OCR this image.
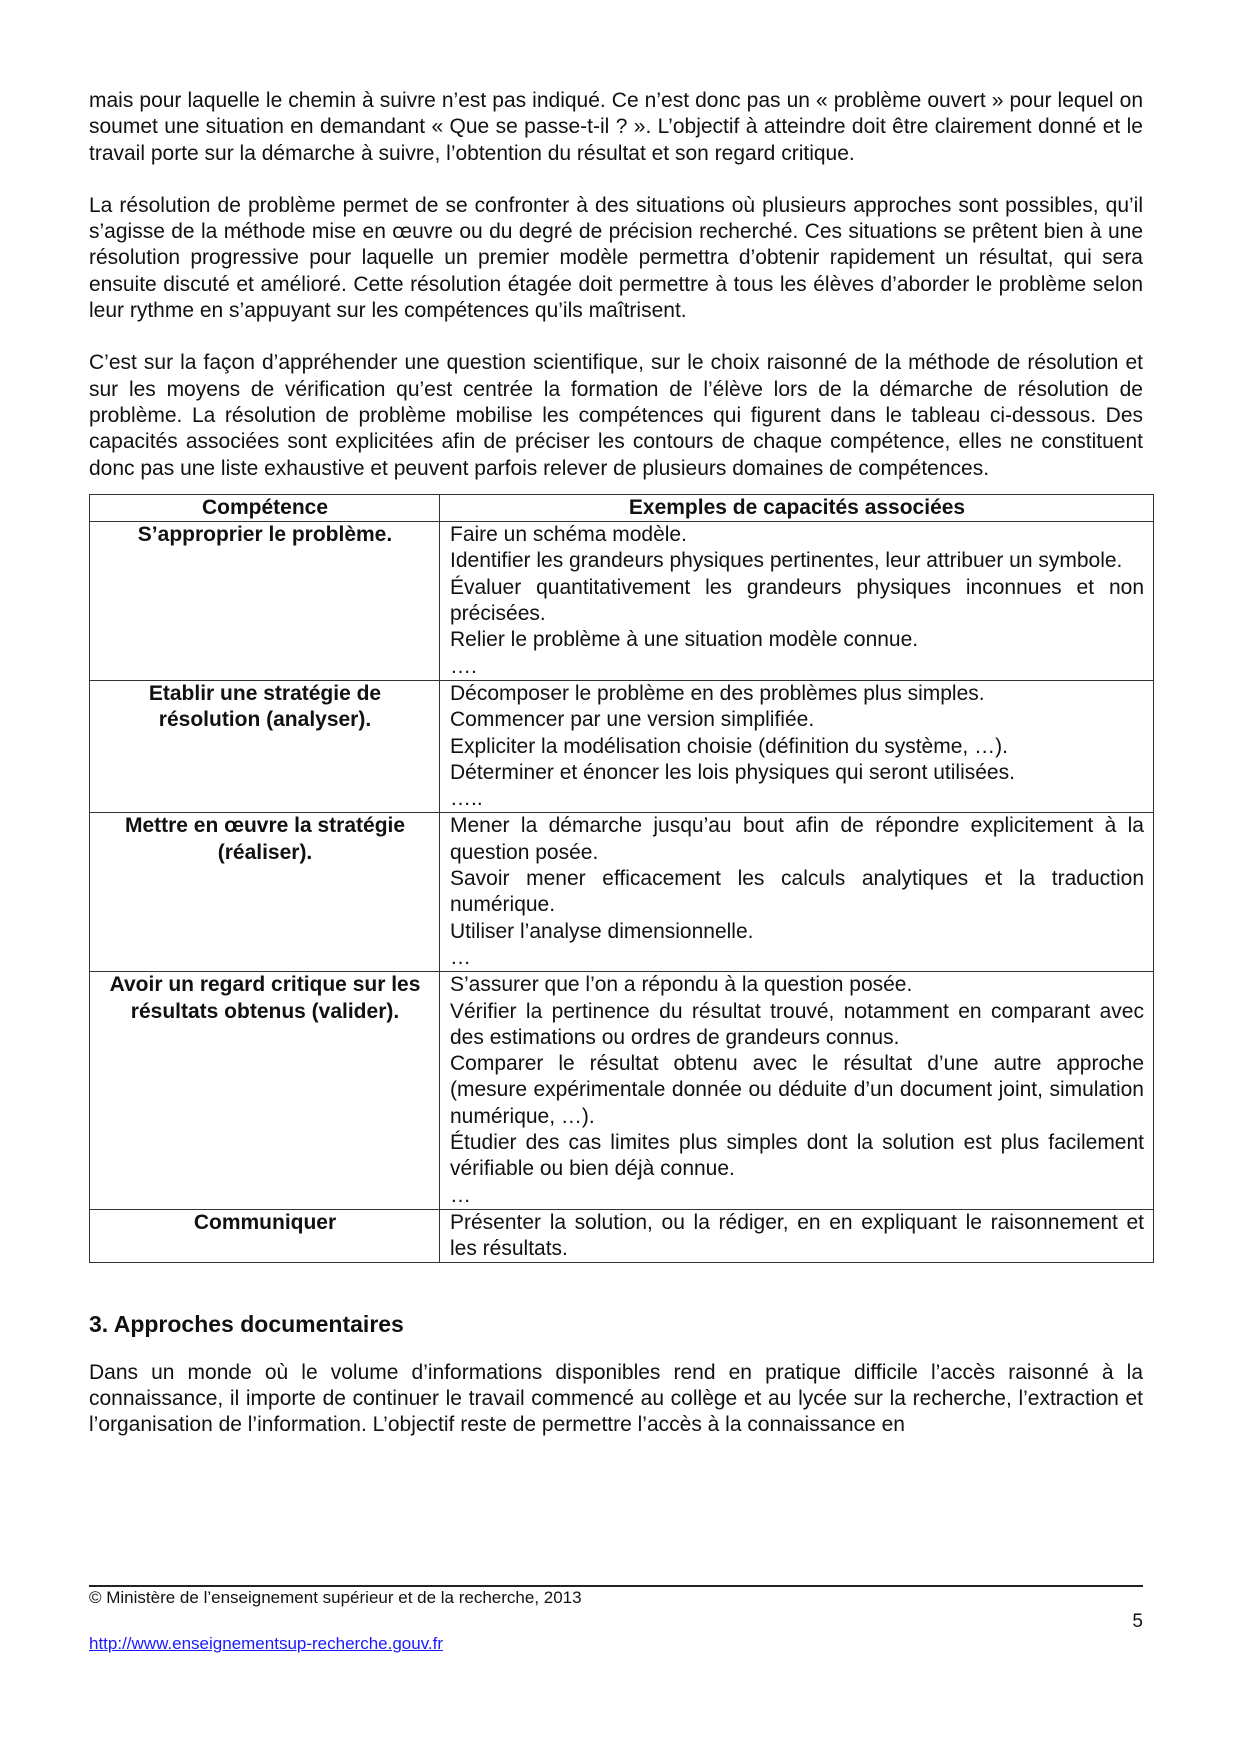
mais pour laquelle le chemin à suivre n’est pas indiqué. Ce n’est donc pas un « problème ouvert » pour lequel on soumet une situation en demandant « Que se passe-t-il ? ». L’objectif à atteindre doit être clairement donné et le travail porte sur la démarche à suivre, l’obtention du résultat et son regard critique.

La résolution de problème permet de se confronter à des situations où plusieurs approches sont possibles, qu’il s’agisse de la méthode mise en œuvre ou du degré de précision recherché. Ces situations se prêtent bien à une résolution progressive pour laquelle un premier modèle permettra d’obtenir rapidement un résultat, qui sera ensuite discuté et amélioré. Cette résolution étagée doit permettre à tous les élèves d’aborder le problème selon leur rythme en s’appuyant sur les compétences qu’ils maîtrisent.

C’est sur la façon d’appréhender une question scientifique, sur le choix raisonné de la méthode de résolution et sur les moyens de vérification qu’est centrée la formation de l’élève lors de la démarche de résolution de problème. La résolution de problème mobilise les compétences qui figurent dans le tableau ci-dessous. Des capacités associées sont explicitées afin de préciser les contours de chaque compétence, elles ne constituent donc pas une liste exhaustive et peuvent parfois relever de plusieurs domaines de compétences.

Compétence	Exemples de capacités associées
S’approprier le problème.	Faire un schéma modèle.
Identifier les grandeurs physiques pertinentes, leur attribuer un symbole.
Évaluer quantitativement les grandeurs physiques inconnues et non précisées.
Relier le problème à une situation modèle connue.
….

Etablir une stratégie de résolution (analyser).	Décomposer le problème en des problèmes plus simples.
Commencer par une version simplifiée.
Expliciter la modélisation choisie (définition du système, …).
Déterminer et énoncer les lois physiques qui seront utilisées.
…..

Mettre en œuvre la stratégie (réaliser).	Mener la démarche jusqu’au bout afin de répondre explicitement à la question posée.
Savoir mener efficacement les calculs analytiques et la traduction numérique.
Utiliser l’analyse dimensionnelle.
…

Avoir un regard critique sur les résultats obtenus (valider).	S’assurer que l’on a répondu à la question posée.
Vérifier la pertinence du résultat trouvé, notamment en comparant avec des estimations ou ordres de grandeurs connus.
Comparer le résultat obtenu avec le résultat d’une autre approche (mesure expérimentale donnée ou déduite d’un document joint, simulation numérique, …).
Étudier des cas limites plus simples dont la solution est plus facilement vérifiable ou bien déjà connue.
…

Communiquer	Présenter la solution, ou la rédiger, en en expliquant le raisonnement et les résultats.
3. Approches documentaires

Dans un monde où le volume d’informations disponibles rend en pratique difficile l’accès raisonné à la connaissance, il importe de continuer le travail commencé au collège et au lycée sur la recherche, l’extraction et l’organisation de l’information. L’objectif reste de permettre l’accès à la connaissance en

© Ministère de l’enseignement supérieur et de la recherche, 2013
5
http://www.enseignementsup-recherche.gouv.fr
